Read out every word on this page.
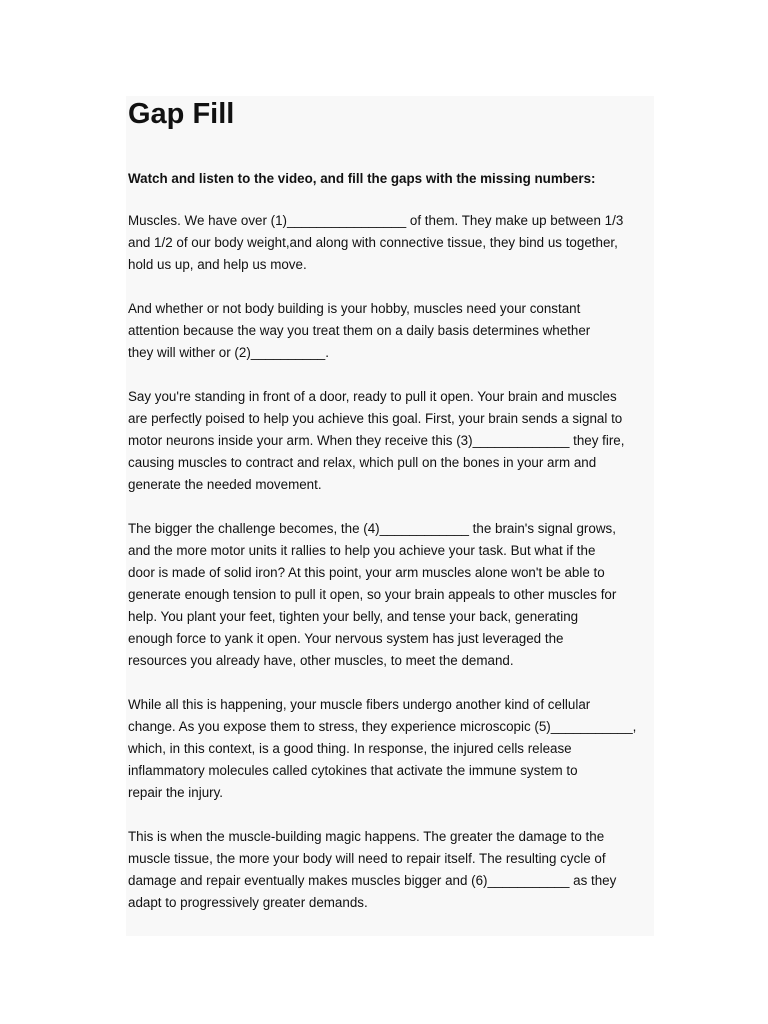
Gap Fill

Watch and listen to the video, and fill the gaps with the missing numbers:

Muscles. We have over (1)________________ of them. They make up between 1/3
and 1/2 of our body weight,and along with connective tissue, they bind us together,
hold us up, and help us move.

And whether or not body building is your hobby, muscles need your constant
attention because the way you treat them on a daily basis determines whether
they will wither or (2)__________.

Say you're standing in front of a door, ready to pull it open. Your brain and muscles
are perfectly poised to help you achieve this goal. First, your brain sends a signal to
motor neurons inside your arm. When they receive this (3)_____________ they fire,
causing muscles to contract and relax, which pull on the bones in your arm and
generate the needed movement.

The bigger the challenge becomes, the (4)____________ the brain's signal grows,
and the more motor units it rallies to help you achieve your task. But what if the
door is made of solid iron? At this point, your arm muscles alone won't be able to
generate enough tension to pull it open, so your brain appeals to other muscles for
help. You plant your feet, tighten your belly, and tense your back, generating
enough force to yank it open. Your nervous system has just leveraged the
resources you already have, other muscles, to meet the demand.

While all this is happening, your muscle fibers undergo another kind of cellular
change. As you expose them to stress, they experience microscopic (5)___________,
which, in this context, is a good thing. In response, the injured cells release
inflammatory molecules called cytokines that activate the immune system to
repair the injury.

This is when the muscle-building magic happens. The greater the damage to the
muscle tissue, the more your body will need to repair itself. The resulting cycle of
damage and repair eventually makes muscles bigger and (6)___________ as they
adapt to progressively greater demands.
